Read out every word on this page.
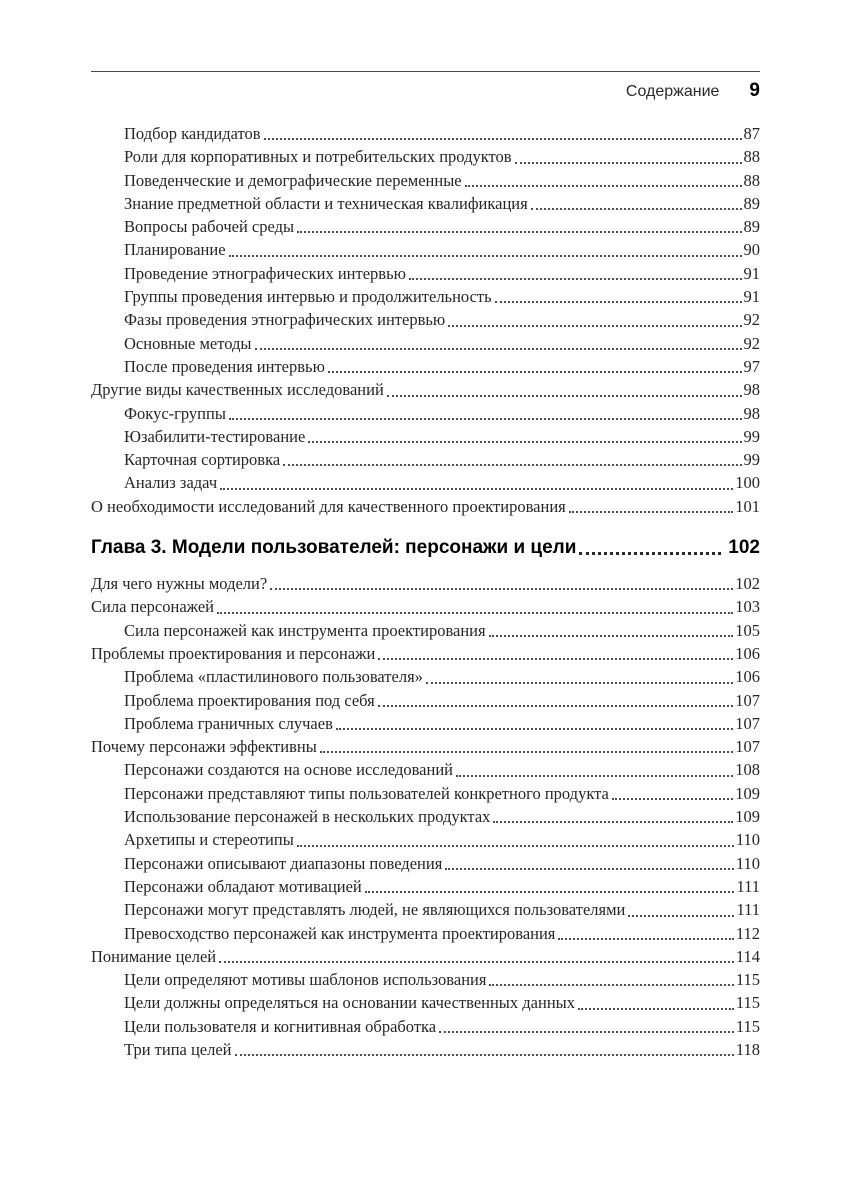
Содержание 9
Подбор кандидатов	87
Роли для корпоративных и потребительских продуктов	88
Поведенческие и демографические переменные	88
Знание предметной области и техническая квалификация	89
Вопросы рабочей среды	89
Планирование	90
Проведение этнографических интервью	91
Группы проведения интервью и продолжительность	91
Фазы проведения этнографических интервью	92
Основные методы	92
После проведения интервью	97
Другие виды качественных исследований	98
Фокус-группы	98
Юзабилити-тестирование	99
Карточная сортировка	99
Анализ задач	100
О необходимости исследований для качественного проектирования	101
Глава 3. Модели пользователей: персонажи и цели	102
Для чего нужны модели?	102
Сила персонажей	103
Сила персонажей как инструмента проектирования	105
Проблемы проектирования и персонажи	106
Проблема «пластилинового пользователя»	106
Проблема проектирования под себя	107
Проблема граничных случаев	107
Почему персонажи эффективны	107
Персонажи создаются на основе исследований	108
Персонажи представляют типы пользователей конкретного продукта	109
Использование персонажей в нескольких продуктах	109
Архетипы и стереотипы	110
Персонажи описывают диапазоны поведения	110
Персонажи обладают мотивацией	111
Персонажи могут представлять людей, не являющихся пользователями	111
Превосходство персонажей как инструмента проектирования	112
Понимание целей	114
Цели определяют мотивы шаблонов использования	115
Цели должны определяться на основании качественных данных	115
Цели пользователя и когнитивная обработка	115
Три типа целей	118
